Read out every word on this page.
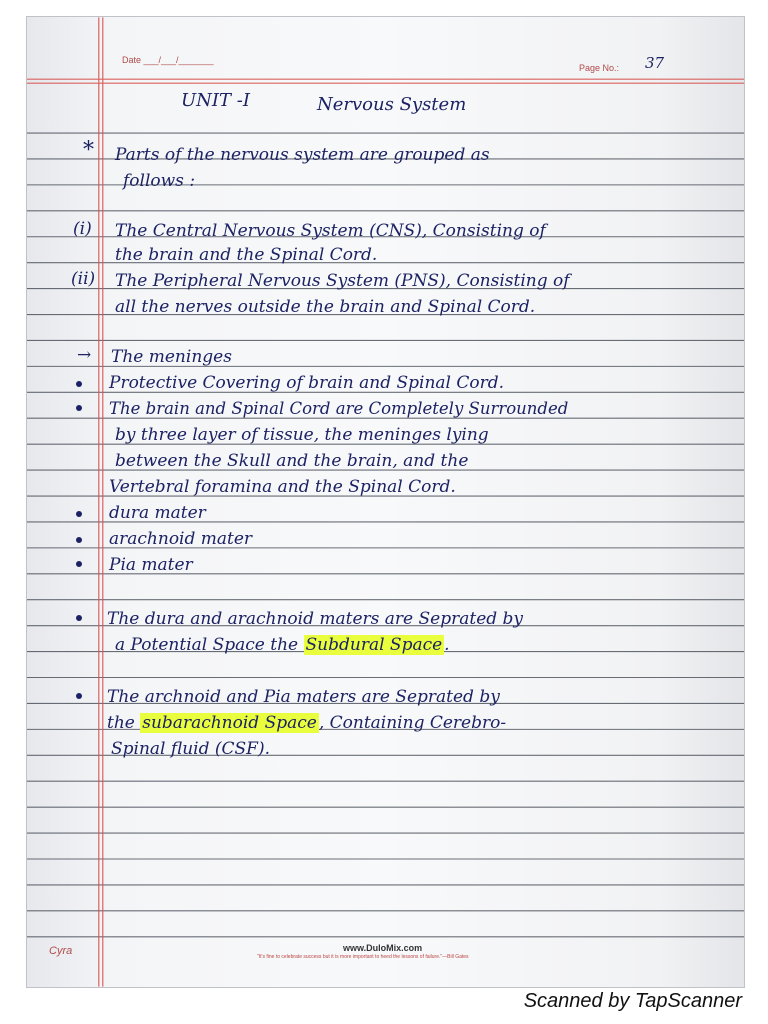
Date ___/___/_______
Page No.: 37
UNIT -I	Nervous System
* Parts of the nervous system are grouped as
follows :
(i) The Central Nervous System (CNS), Consisting of
the brain and the Spinal Cord.
(ii) The Peripheral Nervous System (PNS), Consisting of
all the nerves outside the brain and Spinal Cord.
→ The meninges
Protective Covering of brain and Spinal Cord.
The brain and Spinal Cord are Completely Surrounded
by three layer of tissue, the meninges lying
between the Skull and the brain, and the
Vertebral foramina and the Spinal Cord.
dura mater
arachnoid mater
Pia mater
The dura and arachnoid maters are Seprated by
a Potential Space the Subdural Space .
The archnoid and Pia maters are Seprated by
the subarachnoid Space , Containing Cerebro-
Spinal fluid (CSF).
Cyra	www.DuloMix.com
"It's fine to celebrate success but it is more important to heed the lessons of failure."—Bill Gates
Scanned by TapScanner
